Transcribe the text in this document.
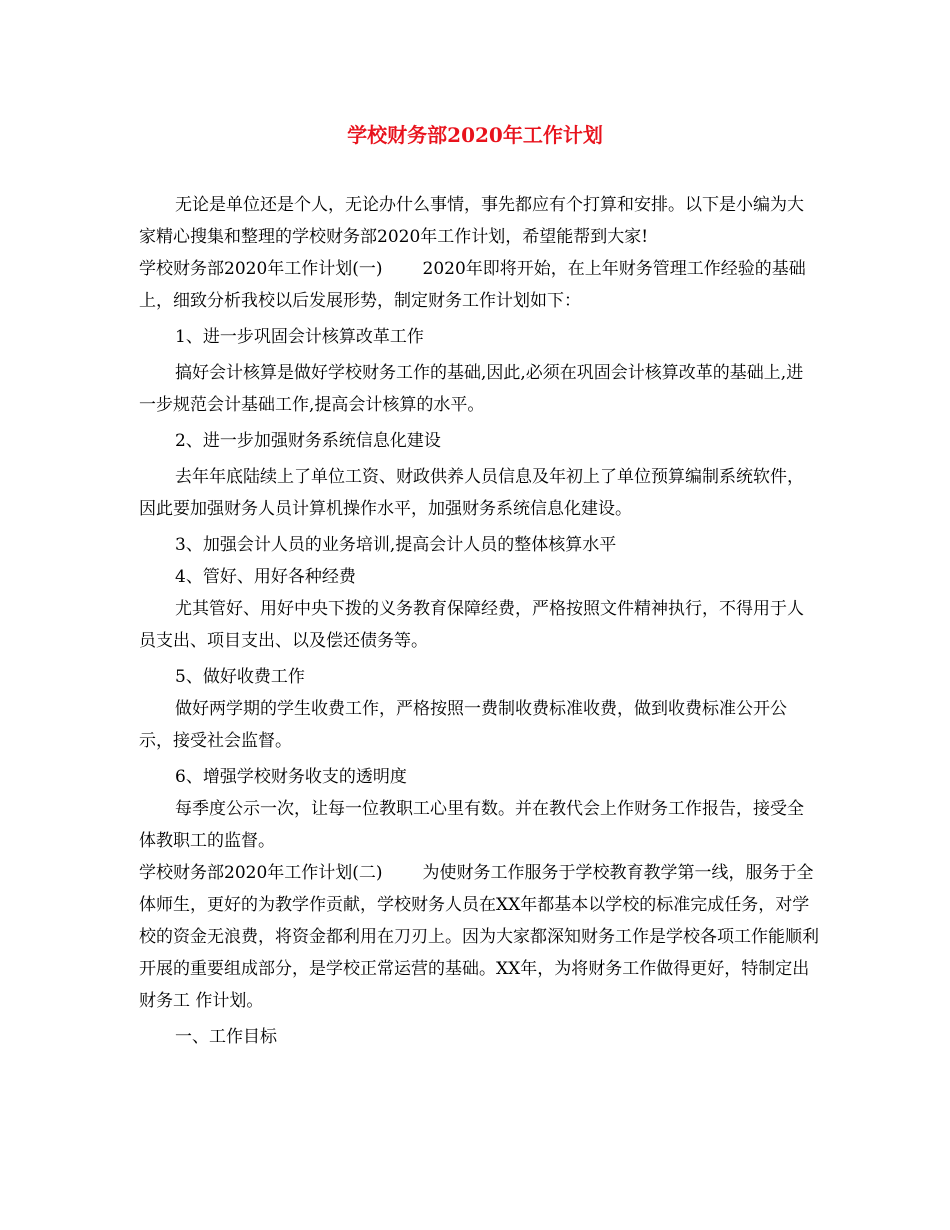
学校财务部2020年工作计划

无论是单位还是个人，无论办什么事情，事先都应有个打算和安排。以下是小编为大家精心搜集和整理的学校财务部2020年工作计划，希望能帮到大家!

学校财务部2020年工作计划(一) 2020年即将开始，在上年财务管理工作经验的基础上，细致分析我校以后发展形势，制定财务工作计划如下：

1、进一步巩固会计核算改革工作

搞好会计核算是做好学校财务工作的基础,因此,必须在巩固会计核算改革的基础上,进一步规范会计基础工作,提高会计核算的水平。

2、进一步加强财务系统信息化建设

去年年底陆续上了单位工资、财政供养人员信息及年初上了单位预算编制系统软件，因此要加强财务人员计算机操作水平，加强财务系统信息化建设。

3、加强会计人员的业务培训,提高会计人员的整体核算水平

4、管好、用好各种经费

尤其管好、用好中央下拨的义务教育保障经费，严格按照文件精神执行，不得用于人员支出、项目支出、以及偿还债务等。

5、做好收费工作

做好两学期的学生收费工作，严格按照一费制收费标准收费，做到收费标准公开公示，接受社会监督。

6、增强学校财务收支的透明度

每季度公示一次，让每一位教职工心里有数。并在教代会上作财务工作报告，接受全体教职工的监督。

学校财务部2020年工作计划(二) 为使财务工作服务于学校教育教学第一线，服务于全体师生，更好的为教学作贡献，学校财务人员在XX年都基本以学校的标准完成任务，对学校的资金无浪费，将资金都利用在刀刃上。因为大家都深知财务工作是学校各项工作能顺利开展的重要组成部分，是学校正常运营的基础。XX年，为将财务工作做得更好，特制定出财务工 作计划。

一、工作目标
